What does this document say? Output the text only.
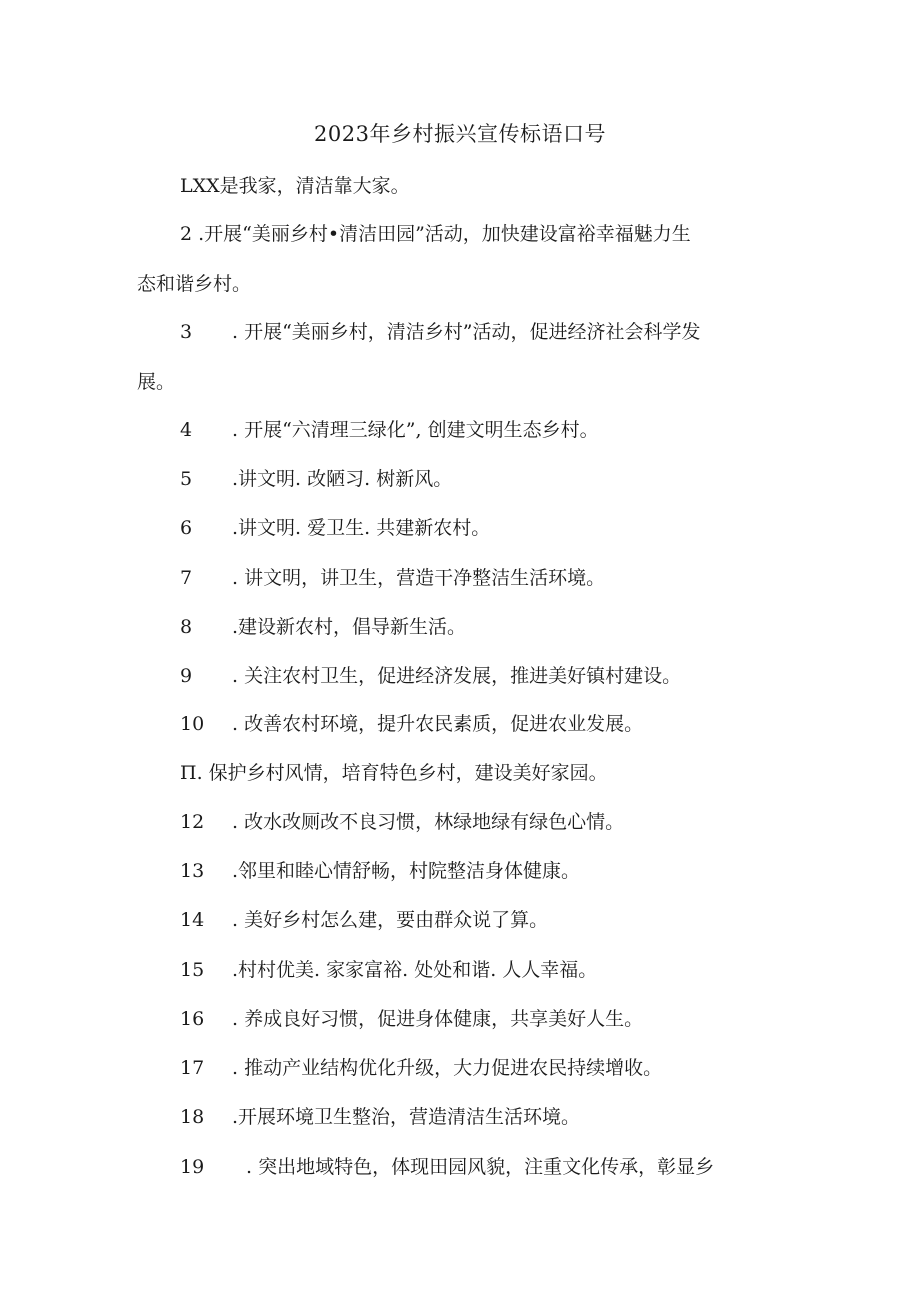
2023年乡村振兴宣传标语口号
LXX是我家，清洁靠大家。
2 .开展“美丽乡村•清洁田园”活动，加快建设富裕幸福魅力生
态和谐乡村。
3 . 开展“美丽乡村，清洁乡村”活动，促进经济社会科学发
展。
4 . 开展“六清理三绿化”, 创建文明生态乡村。
5 .讲文明. 改陋习. 树新风。
6 .讲文明. 爱卫生. 共建新农村。
7 . 讲文明，讲卫生，营造干净整洁生活环境。
8 .建设新农村，倡导新生活。
9 . 关注农村卫生，促进经济发展，推进美好镇村建设。
10 . 改善农村环境，提升农民素质，促进农业发展。
П. 保护乡村风情，培育特色乡村，建设美好家园。
12 . 改水改厕改不良习惯，林绿地绿有绿色心情。
13 .邻里和睦心情舒畅，村院整洁身体健康。
14 . 美好乡村怎么建，要由群众说了算。
15 .村村优美. 家家富裕. 处处和谐. 人人幸福。
16 . 养成良好习惯，促进身体健康，共享美好人生。
17 . 推动产业结构优化升级，大力促进农民持续增收。
18 .开展环境卫生整治，营造清洁生活环境。
19 . 突出地域特色，体现田园风貌，注重文化传承，彰显乡
